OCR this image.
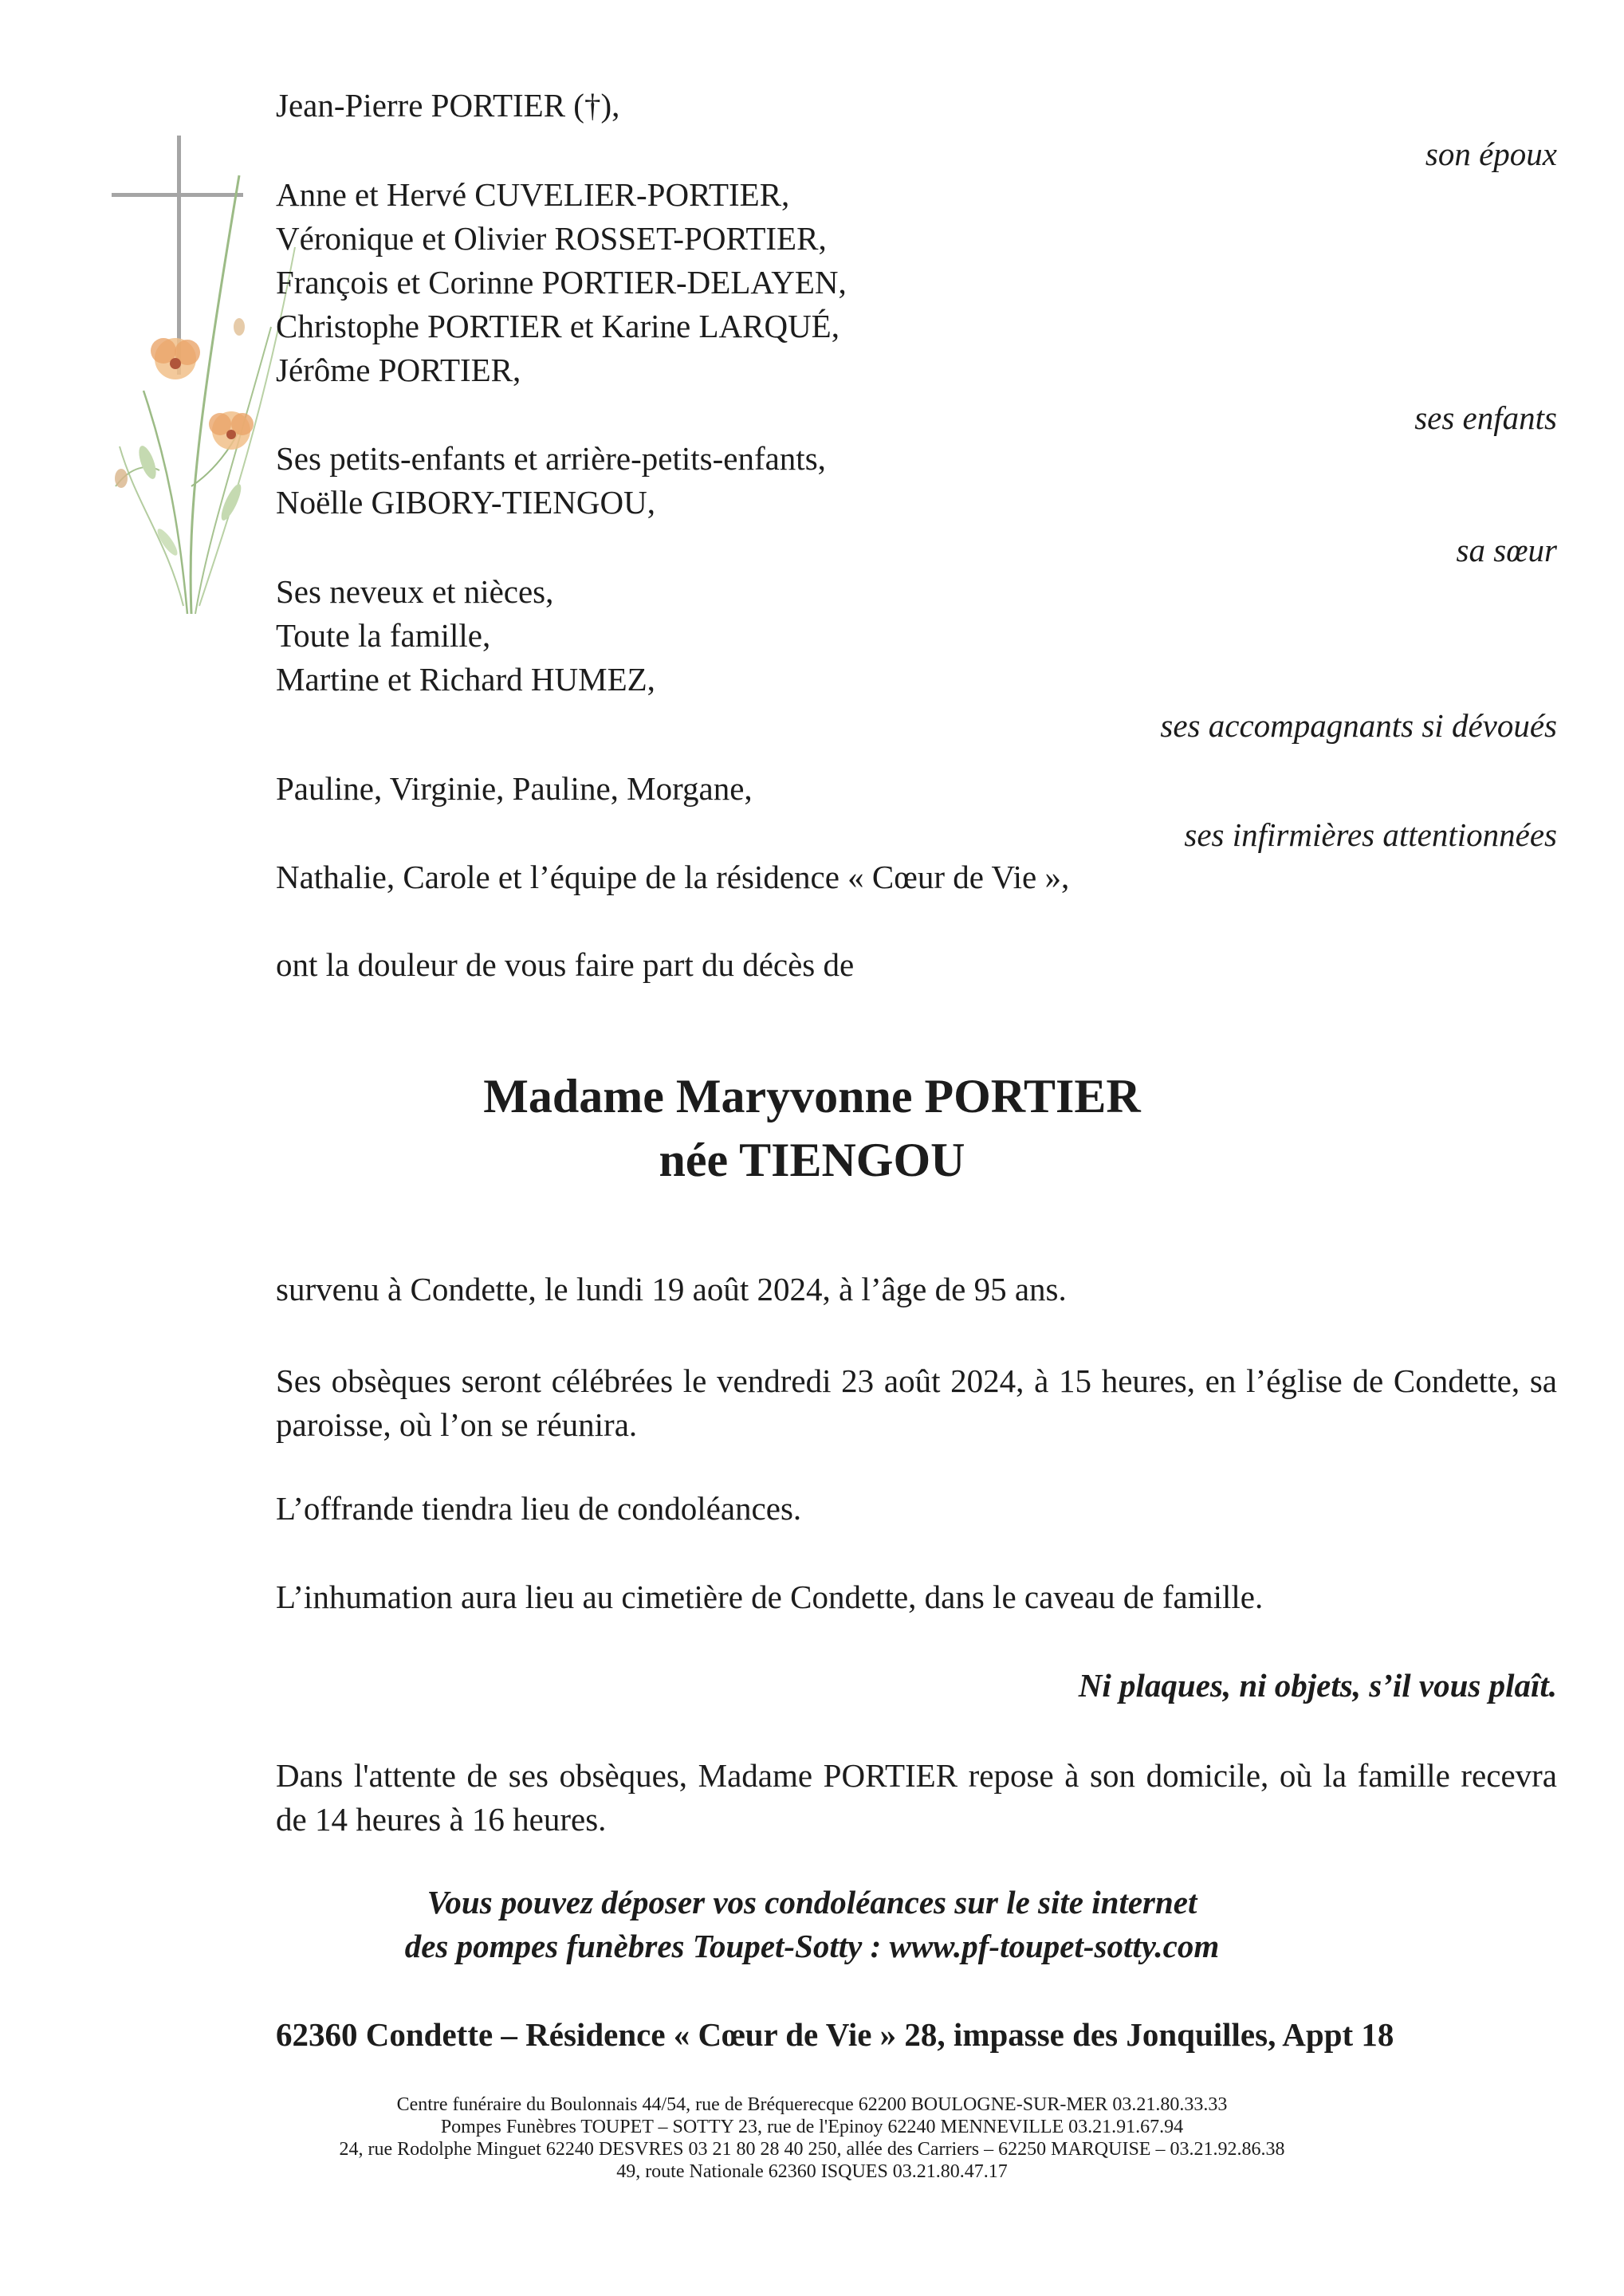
Jean-Pierre PORTIER (†),
son époux
Anne et Hervé CUVELIER-PORTIER,
Véronique et Olivier ROSSET-PORTIER,
François et Corinne PORTIER-DELAYEN,
Christophe PORTIER et Karine LARQUÉ,
Jérôme PORTIER,
ses enfants
Ses petits-enfants et arrière-petits-enfants,
Noëlle GIBORY-TIENGOU,
sa sœur
Ses neveux et nièces,
Toute la famille,
Martine et Richard HUMEZ,
ses accompagnants si dévoués
Pauline, Virginie, Pauline, Morgane,
ses infirmières attentionnées
Nathalie, Carole et l’équipe de la résidence « Cœur de Vie »,
ont la douleur de vous faire part du décès de
Madame Maryvonne PORTIER
née TIENGOU
survenu à Condette, le lundi 19 août 2024, à l’âge de 95 ans.
Ses obsèques seront célébrées le vendredi 23 août 2024, à 15 heures, en l’église de Condette, sa paroisse, où l’on se réunira.
L’offrande tiendra lieu de condoléances.
L’inhumation aura lieu au cimetière de Condette, dans le caveau de famille.
Ni plaques, ni objets, s’il vous plaît.
Dans l'attente de ses obsèques, Madame PORTIER repose à son domicile, où la famille recevra de 14 heures à 16 heures.
Vous pouvez déposer vos condoléances sur le site internet
des pompes funèbres Toupet-Sotty : www.pf-toupet-sotty.com
62360 Condette – Résidence « Cœur de Vie » 28, impasse des Jonquilles, Appt 18
Centre funéraire du Boulonnais 44/54, rue de Bréquerecque 62200 BOULOGNE-SUR-MER 03.21.80.33.33
Pompes Funèbres TOUPET – SOTTY 23, rue de l'Epinoy 62240 MENNEVILLE 03.21.91.67.94
24, rue Rodolphe Minguet 62240 DESVRES 03 21 80 28 40 250, allée des Carriers – 62250 MARQUISE – 03.21.92.86.38
49, route Nationale 62360 ISQUES 03.21.80.47.17
